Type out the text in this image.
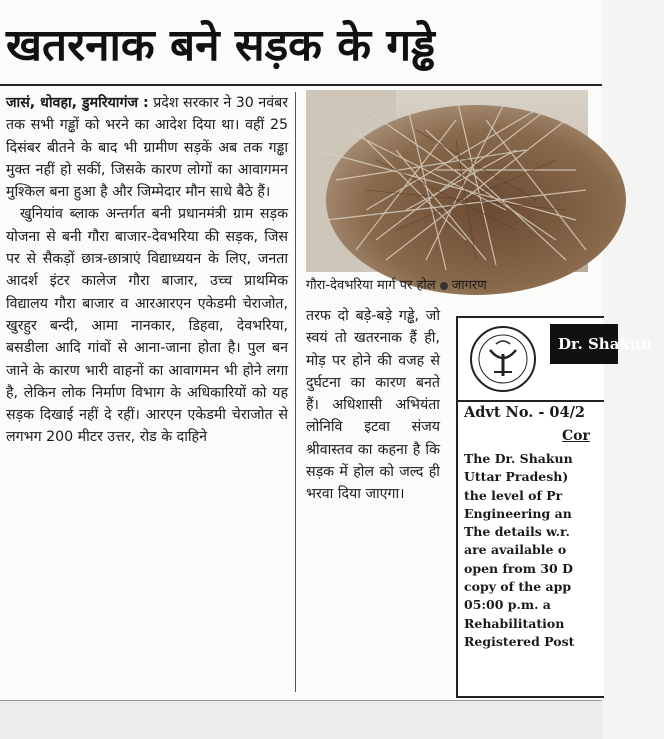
खतरनाक बने सड़क के गड्ढे

जासं, धोवहा, डुमरियागंज : प्रदेश सरकार ने 30 नवंबर तक सभी गड्ढों को भरने का आदेश दिया था। वहीं 25 दिसंबर बीतने के बाद भी ग्रामीण सड़कें अब तक गड्ढा मुक्त नहीं हो सकीं, जिसके कारण लोगों का आवागमन मुश्किल बना हुआ है और जिम्मेदार मौन साधे बैठे हैं।

खुनियांव ब्लाक अन्तर्गत बनी प्रधानमंत्री ग्राम सड़क योजना से बनी गौरा बाजार-देवभरिया की सड़क, जिस पर से सैकड़ों छात्र-छात्राएं विद्याध्ययन के लिए, जनता आदर्श इंटर कालेज गौरा बाजार, उच्च प्राथमिक विद्यालय गौरा बाजार व आरआरएन एकेडमी चेराजोत, खुरहुर बन्दी, आमा नानकार, डिहवा, देवभरिया, बसडीला आदि गांवों से आना-जाना होता है। पुल बन जाने के कारण भारी वाहनों का आवागमन भी होने लगा है, लेकिन लोक निर्माण विभाग के अधिकारियों को यह सड़क दिखाई नहीं दे रहीं। आरएन एकेडमी चेराजोत से लगभग 200 मीटर उत्तर, रोड के दाहिने

गौरा-देवभरिया मार्ग पर होल जागरण

तरफ दो बड़े-बड़े गड्ढे, जो स्वयं तो खतरनाक हैं ही, मोड़ पर होने की वजह से दुर्घटना का कारण बनते हैं। अधिशासी अभियंता लोनिवि इटवा संजय श्रीवास्तव का कहना है कि सड़क में होल को जल्द ही भरवा दिया जाएगा।

Dr. Shakun
Advt No. - 04/2
Cor
The Dr. Shakun
Uttar Pradesh)
the level of Pr
Engineering an
The details w.r.
are available o
open from 30 D
copy of the app
05:00 p.m. a
Rehabilitation
Registered Post
